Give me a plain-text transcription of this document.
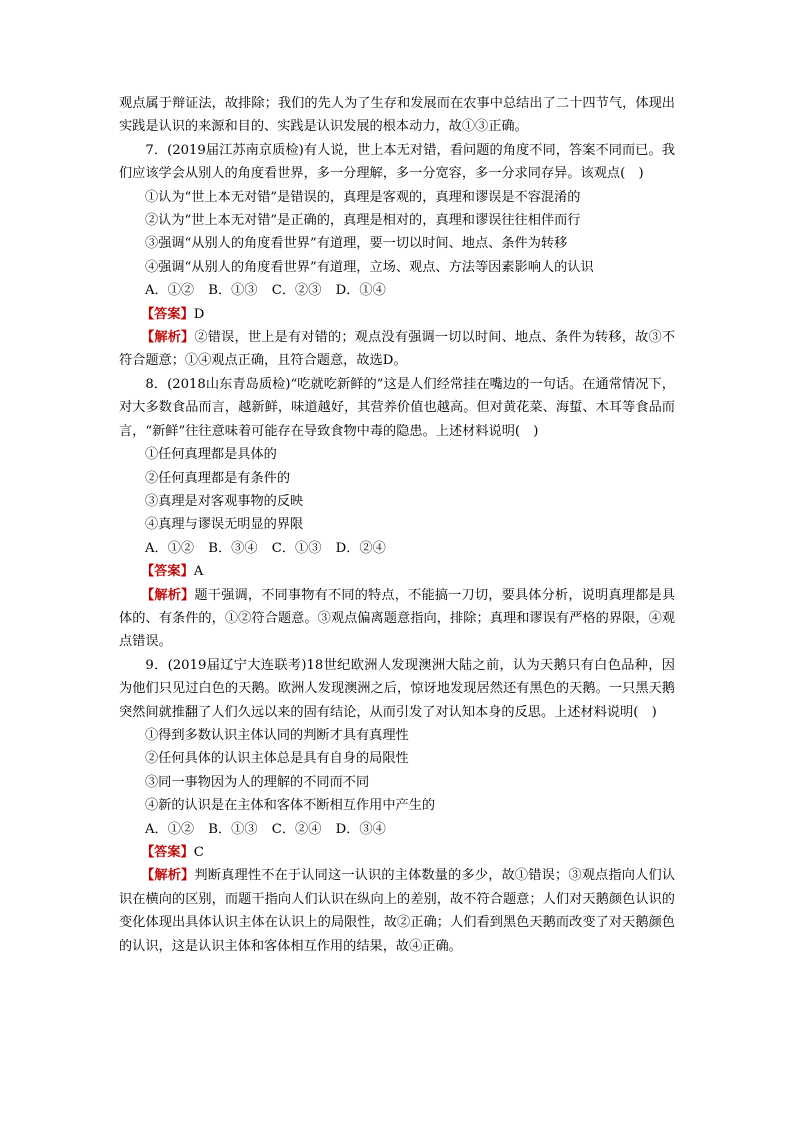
观点属于辩证法，故排除；我们的先人为了生存和发展而在农事中总结出了二十四节气，体现出实践是认识的来源和目的、实践是认识发展的根本动力，故①③正确。

7．(2019届江苏南京质检)有人说，世上本无对错，看问题的角度不同，答案不同而已。我们应该学会从别人的角度看世界，多一分理解，多一分宽容，多一分求同存异。该观点(　)

①认为“世上本无对错”是错误的，真理是客观的，真理和谬误是不容混淆的

②认为“世上本无对错”是正确的，真理是相对的，真理和谬误往往相伴而行

③强调“从别人的角度看世界”有道理，要一切以时间、地点、条件为转移

④强调“从别人的角度看世界”有道理，立场、观点、方法等因素影响人的认识

A．①② B．①③ C．②③ D．①④

【答案】D

【解析】②错误，世上是有对错的；观点没有强调一切以时间、地点、条件为转移，故③不符合题意；①④观点正确，且符合题意，故选D。

8．(2018山东青岛质检)“吃就吃新鲜的”这是人们经常挂在嘴边的一句话。在通常情况下，对大多数食品而言，越新鲜，味道越好，其营养价值也越高。但对黄花菜、海蜇、木耳等食品而言，“新鲜”往往意味着可能存在导致食物中毒的隐患。上述材料说明(　)

①任何真理都是具体的

②任何真理都是有条件的

③真理是对客观事物的反映

④真理与谬误无明显的界限

A．①② B．③④ C．①③ D．②④

【答案】A

【解析】题干强调，不同事物有不同的特点，不能搞一刀切，要具体分析，说明真理都是具体的、有条件的，①②符合题意。③观点偏离题意指向，排除；真理和谬误有严格的界限，④观点错误。

9．(2019届辽宁大连联考)18世纪欧洲人发现澳洲大陆之前，认为天鹅只有白色品种，因为他们只见过白色的天鹅。欧洲人发现澳洲之后，惊讶地发现居然还有黑色的天鹅。一只黑天鹅突然间就推翻了人们久远以来的固有结论，从而引发了对认知本身的反思。上述材料说明(　)

①得到多数认识主体认同的判断才具有真理性

②任何具体的认识主体总是具有自身的局限性

③同一事物因为人的理解的不同而不同

④新的认识是在主体和客体不断相互作用中产生的

A．①② B．①③ C．②④ D．③④

【答案】C

【解析】判断真理性不在于认同这一认识的主体数量的多少，故①错误；③观点指向人们认识在横向的区别，而题干指向人们认识在纵向上的差别，故不符合题意；人们对天鹅颜色认识的变化体现出具体认识主体在认识上的局限性，故②正确；人们看到黑色天鹅而改变了对天鹅颜色的认识，这是认识主体和客体相互作用的结果，故④正确。
